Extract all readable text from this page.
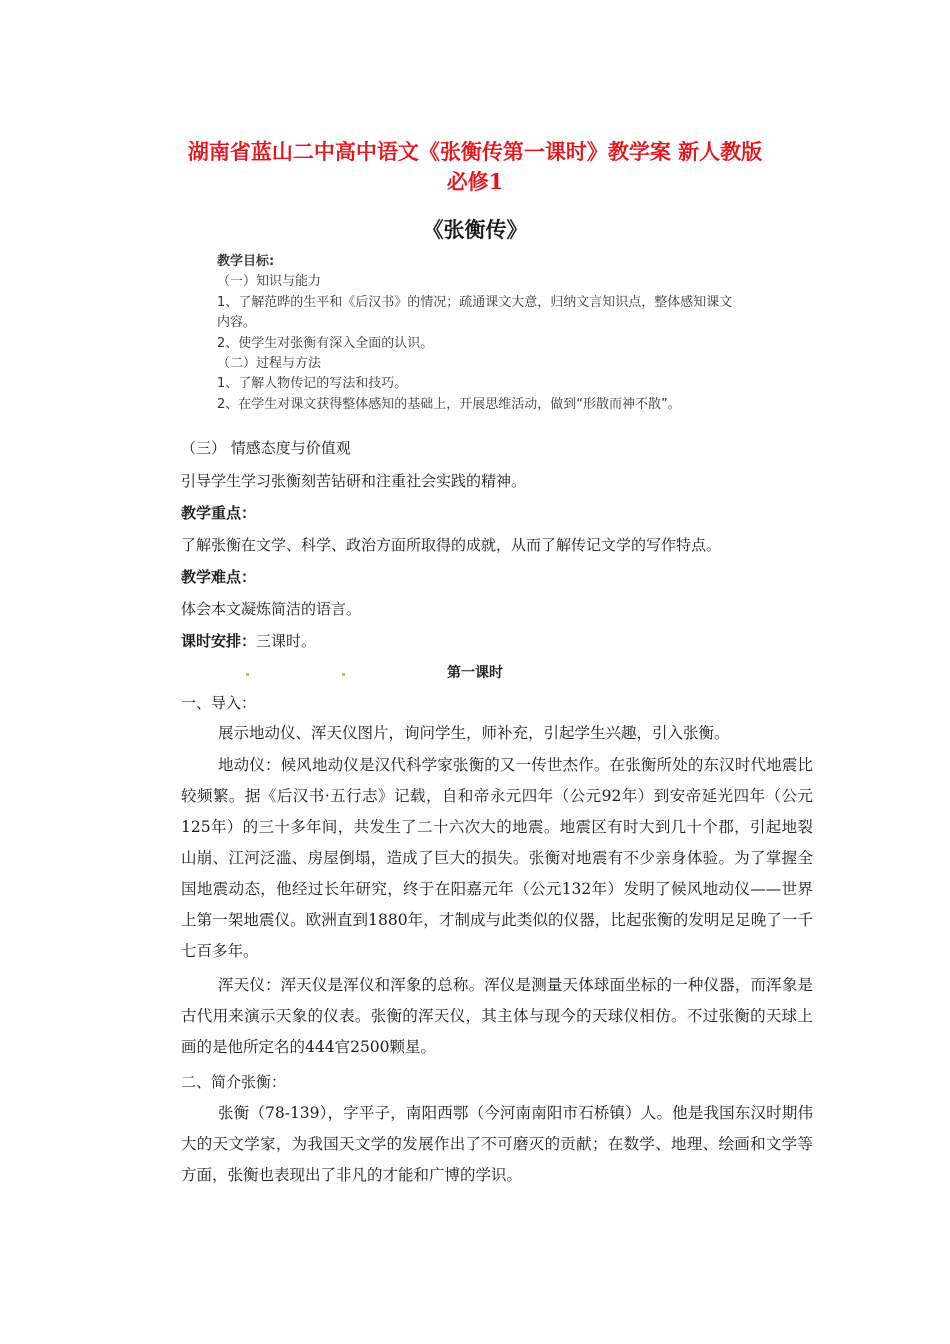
湖南省蓝山二中高中语文《张衡传第一课时》教学案 新人教版
必修1
《张衡传》
教学目标:
（一）知识与能力
1、了解范晔的生平和《后汉书》的情况；疏通课文大意，归纳文言知识点，整体感知课文
内容。
2、使学生对张衡有深入全面的认识。
（二）过程与方法
1、了解人物传记的写法和技巧。
2、在学生对课文获得整体感知的基础上，开展思维活动，做到“形散而神不散”。
（三） 情感态度与价值观
引导学生学习张衡刻苦钻研和注重社会实践的精神。
教学重点：
了解张衡在文学、科学、政治方面所取得的成就，从而了解传记文学的写作特点。
教学难点：
体会本文凝炼简洁的语言。
课时安排：三课时。
第一课时
一、导入：
展示地动仪、浑天仪图片，询问学生，师补充，引起学生兴趣，引入张衡。
地动仪：候风地动仪是汉代科学家张衡的又一传世杰作。在张衡所处的东汉时代地震比较频繁。据《后汉书·五行志》记载，自和帝永元四年（公元92年）到安帝延光四年（公元125年）的三十多年间，共发生了二十六次大的地震。地震区有时大到几十个郡，引起地裂山崩、江河泛滥、房屋倒塌，造成了巨大的损失。张衡对地震有不少亲身体验。为了掌握全国地震动态，他经过长年研究，终于在阳嘉元年（公元132年）发明了候风地动仪——世界上第一架地震仪。欧洲直到1880年，才制成与此类似的仪器，比起张衡的发明足足晚了一千七百多年。
浑天仪：浑天仪是浑仪和浑象的总称。浑仪是测量天体球面坐标的一种仪器，而浑象是古代用来演示天象的仪表。张衡的浑天仪，其主体与现今的天球仪相仿。不过张衡的天球上画的是他所定名的444官2500颗星。
二、简介张衡：
张衡（78-139），字平子，南阳西鄂（今河南南阳市石桥镇）人。他是我国东汉时期伟大的天文学家，为我国天文学的发展作出了不可磨灭的贡献；在数学、地理、绘画和文学等方面，张衡也表现出了非凡的才能和广博的学识。
